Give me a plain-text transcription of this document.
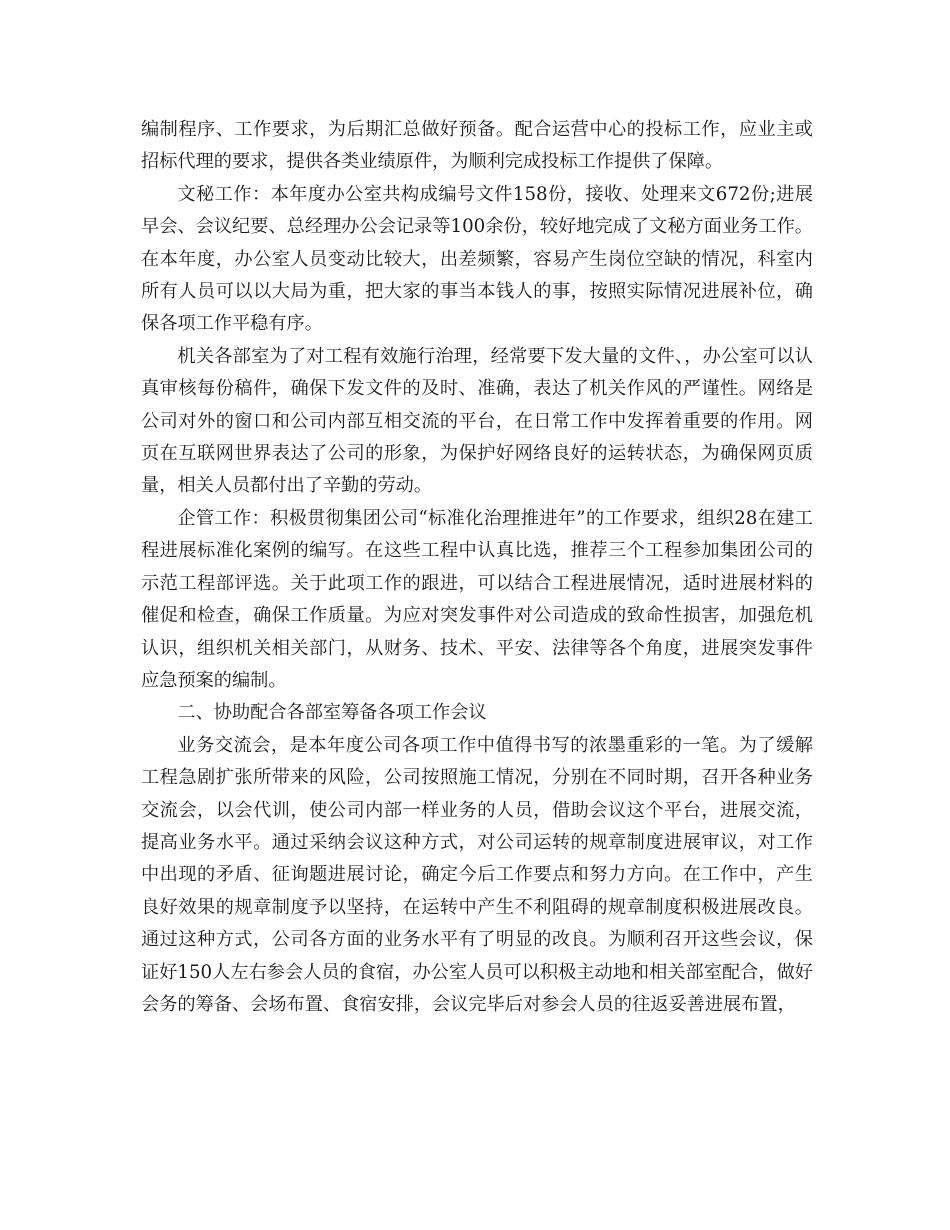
编制程序、工作要求，为后期汇总做好预备。配合运营中心的投标工作，应业主或招标代理的要求，提供各类业绩原件，为顺利完成投标工作提供了保障。

文秘工作：本年度办公室共构成编号文件158份，接收、处理来文672份;进展早会、会议纪要、总经理办公会记录等100余份，较好地完成了文秘方面业务工作。在本年度，办公室人员变动比较大，出差频繁，容易产生岗位空缺的情况，科室内所有人员可以以大局为重，把大家的事当本钱人的事，按照实际情况进展补位，确保各项工作平稳有序。

机关各部室为了对工程有效施行治理，经常要下发大量的文件、，办公室可以认真审核每份稿件，确保下发文件的及时、准确，表达了机关作风的严谨性。网络是公司对外的窗口和公司内部互相交流的平台，在日常工作中发挥着重要的作用。网页在互联网世界表达了公司的形象，为保护好网络良好的运转状态，为确保网页质量，相关人员都付出了辛勤的劳动。

企管工作：积极贯彻集团公司“标准化治理推进年”的工作要求，组织28在建工程进展标准化案例的编写。在这些工程中认真比选，推荐三个工程参加集团公司的示范工程部评选。关于此项工作的跟进，可以结合工程进展情况，适时进展材料的催促和检查，确保工作质量。为应对突发事件对公司造成的致命性损害，加强危机认识，组织机关相关部门，从财务、技术、平安、法律等各个角度，进展突发事件应急预案的编制。

二、协助配合各部室筹备各项工作会议

业务交流会，是本年度公司各项工作中值得书写的浓墨重彩的一笔。为了缓解工程急剧扩张所带来的风险，公司按照施工情况，分别在不同时期，召开各种业务交流会，以会代训，使公司内部一样业务的人员，借助会议这个平台，进展交流，提高业务水平。通过采纳会议这种方式，对公司运转的规章制度进展审议，对工作中出现的矛盾、征询题进展讨论，确定今后工作要点和努力方向。在工作中，产生良好效果的规章制度予以坚持，在运转中产生不利阻碍的规章制度积极进展改良。通过这种方式，公司各方面的业务水平有了明显的改良。为顺利召开这些会议，保证好150人左右参会人员的食宿，办公室人员可以积极主动地和相关部室配合，做好会务的筹备、会场布置、食宿安排，会议完毕后对参会人员的往返妥善进展布置，
